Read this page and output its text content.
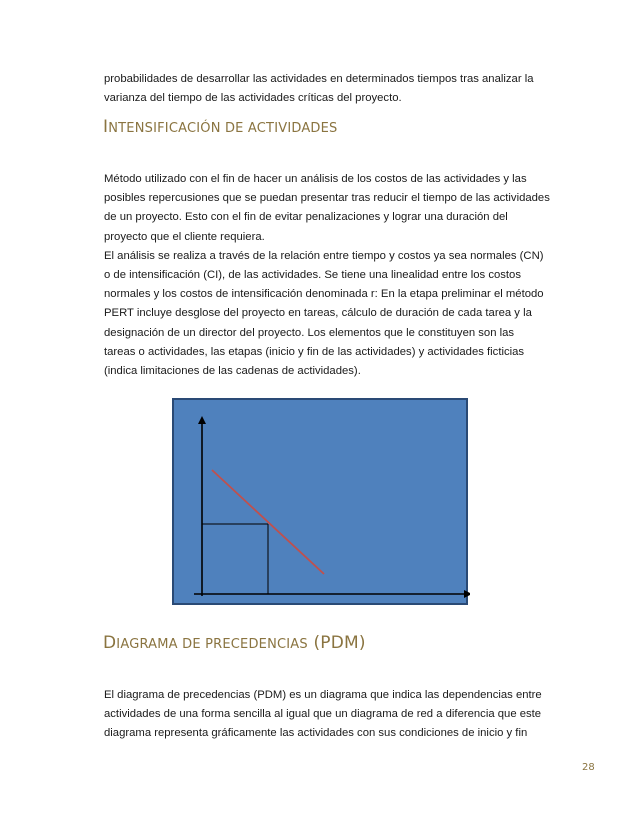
probabilidades de desarrollar las actividades en determinados tiempos tras analizar la
varianza del tiempo de las actividades críticas del proyecto.

INTENSIFICACIÓN DE ACTIVIDADES

Método utilizado con el fin de hacer un análisis de los costos de las actividades y las
posibles repercusiones que se puedan presentar tras reducir el tiempo de las actividades
de un proyecto. Esto con el fin de evitar penalizaciones y lograr una duración del
proyecto que el cliente requiera.
El análisis se realiza a través de la relación entre tiempo y costos ya sea normales (CN)
o de intensificación (CI), de las actividades. Se tiene una linealidad entre los costos
normales y los costos de intensificación denominada r: En la etapa preliminar el método
PERT incluye desglose del proyecto en tareas, cálculo de duración de cada tarea y la
designación de un director del proyecto. Los elementos que le constituyen son las
tareas o actividades, las etapas (inicio y fin de las actividades) y actividades ficticias
(indica limitaciones de las cadenas de actividades).

DIAGRAMA DE PRECEDENCIAS (PDM)

El diagrama de precedencias (PDM) es un diagrama que indica las dependencias entre
actividades de una forma sencilla al igual que un diagrama de red a diferencia que este
diagrama representa gráficamente las actividades con sus condiciones de inicio y fin

28
